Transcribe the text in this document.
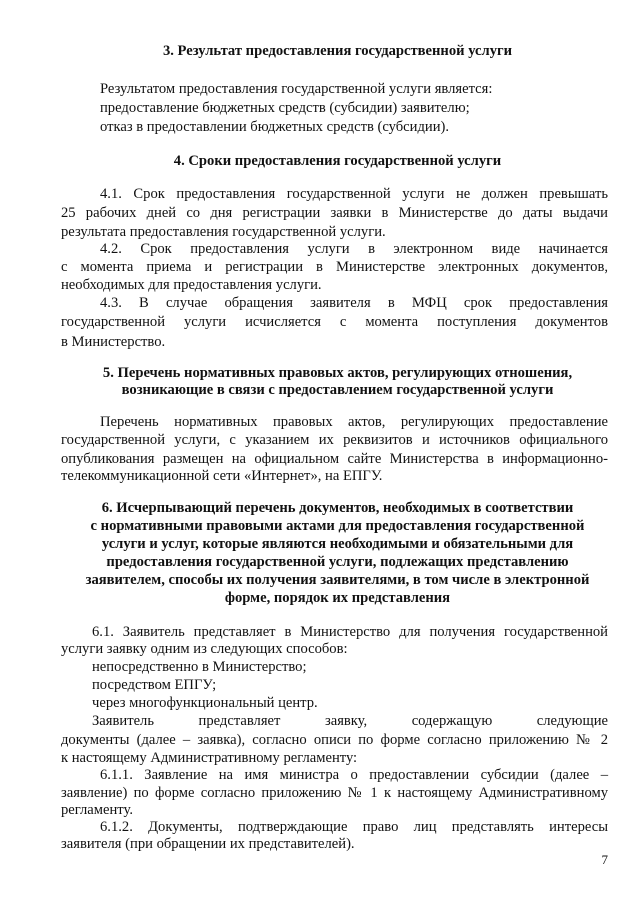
3. Результат предоставления государственной услуги

Результатом предоставления государственной услуги является:

предоставление бюджетных средств (субсидии) заявителю;

отказ в предоставлении бюджетных средств (субсидии).

4. Сроки предоставления государственной услуги

4.1. Срок предоставления государственной услуги не должен превышать

25 рабочих дней со дня регистрации заявки в Министерстве до даты выдачи

результата предоставления государственной услуги.

4.2. Срок предоставления услуги в электронном виде начинается

с момента приема и регистрации в Министерстве электронных документов,

необходимых для предоставления услуги.

4.3. В случае обращения заявителя в МФЦ срок предоставления

государственной услуги исчисляется с момента поступления документов

в Министерство.

5. Перечень нормативных правовых актов, регулирующих отношения,
возникающие в связи с предоставлением государственной услуги

Перечень нормативных правовых актов, регулирующих предоставление

государственной услуги, с указанием их реквизитов и источников официального

опубликования размещен на официальном сайте Министерства в информационно-

телекоммуникационной сети «Интернет», на ЕПГУ.

6. Исчерпывающий перечень документов, необходимых в соответствии
с нормативными правовыми актами для предоставления государственной
услуги и услуг, которые являются необходимыми и обязательными для
предоставления государственной услуги, подлежащих представлению
заявителем, способы их получения заявителями, в том числе в электронной
форме, порядок их представления

6.1. Заявитель представляет в Министерство для получения государственной

услуги заявку одним из следующих способов:

непосредственно в Министерство;

посредством ЕПГУ;

через многофункциональный центр.

Заявитель представляет заявку, содержащую следующие

документы (далее – заявка), согласно описи по форме согласно приложению № 2

к настоящему Административному регламенту:

6.1.1. Заявление на имя министра о предоставлении субсидии (далее –

заявление) по форме согласно приложению № 1 к настоящему Административному

регламенту.

6.1.2. Документы, подтверждающие право лиц представлять интересы

заявителя (при обращении их представителей).

7
